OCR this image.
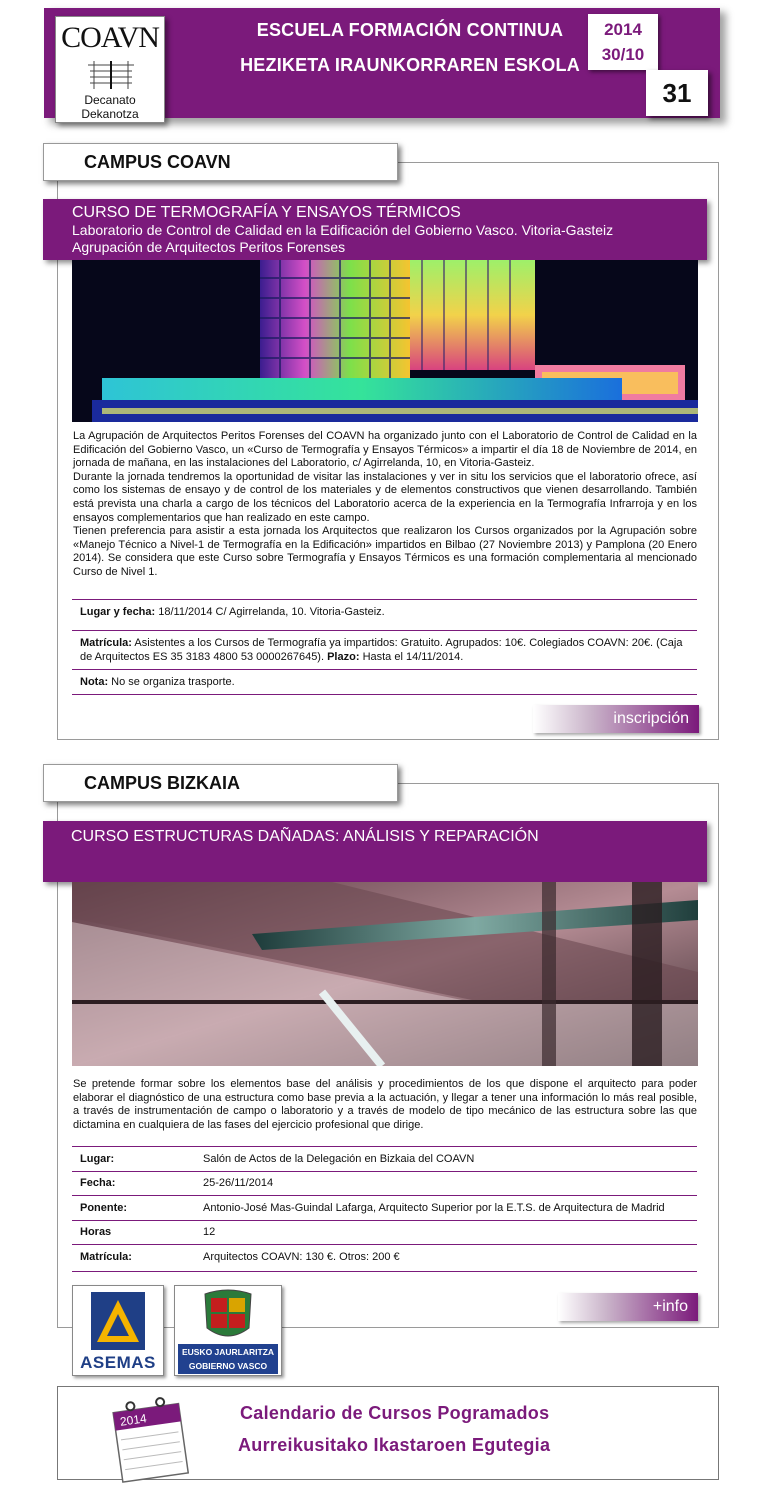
COAVN
Decanato
Dekanotza
ESCUELA FORMACIÓN CONTINUA
HEZIKETA IRAUNKORRAREN ESKOLA
2014
30/10
31
CAMPUS COAVN
CURSO DE TERMOGRAFÍA Y ENSAYOS TÉRMICOS
Laboratorio de Control de Calidad en la Edificación del Gobierno Vasco. Vitoria-Gasteiz
Agrupación de Arquitectos Peritos Forenses

La Agrupación de Arquitectos Peritos Forenses del COAVN ha organizado junto con el Laboratorio de Control de Calidad en la Edificación del Gobierno Vasco, un «Curso de Termografía y Ensayos Térmicos» a impartir el día 18 de Noviembre de 2014, en jornada de mañana, en las instalaciones del Laboratorio, c/ Agirrelanda, 10, en Vitoria-Gasteiz.

Durante la jornada tendremos la oportunidad de visitar las instalaciones y ver in situ los servicios que el laboratorio ofrece, así como los sistemas de ensayo y de control de los materiales y de elementos constructivos que vienen desarrollando. También está prevista una charla a cargo de los técnicos del Laboratorio acerca de la experiencia en la Termografía Infrarroja y en los ensayos complementarios que han realizado en este campo.

Tienen preferencia para asistir a esta jornada los Arquitectos que realizaron los Cursos organizados por la Agrupación sobre «Manejo Técnico a Nivel-1 de Termografía en la Edificación» impartidos en Bilbao (27 Noviembre 2013) y Pamplona (20 Enero 2014). Se considera que este Curso sobre Termografía y Ensayos Térmicos es una formación complementaria al mencionado Curso de Nivel 1.

Lugar y fecha: 18/11/2014 C/ Agirrelanda, 10. Vitoria-Gasteiz.
Matrícula: Asistentes a los Cursos de Termografía ya impartidos: Gratuito. Agrupados: 10€. Colegiados COAVN: 20€. (Caja de Arquitectos ES 35 3183 4800 53 0000267645). Plazo: Hasta el 14/11/2014.
Nota: No se organiza trasporte.
inscripción
CAMPUS BIZKAIA
CURSO ESTRUCTURAS DAÑADAS: ANÁLISIS Y REPARACIÓN
Se pretende formar sobre los elementos base del análisis y procedimientos de los que dispone el arquitecto para poder elaborar el diagnóstico de una estructura como base previa a la actuación, y llegar a tener una información lo más real posible, a través de instrumentación de campo o laboratorio y a través de modelo de tipo mecánico de las estructura sobre las que dictamina en cualquiera de las fases del ejercicio profesional que dirige.
Lugar:	Salón de Actos de la Delegación en Bizkaia del COAVN
Fecha:	25-26/11/2014
Ponente:	Antonio-José Mas-Guindal Lafarga, Arquitecto Superior por la E.T.S. de Arquitectura de Madrid
Horas	12
Matrícula:	Arquitectos COAVN: 130 €. Otros: 200 €
ASEMAS
EUSKO JAURLARITZA
GOBIERNO VASCO
+info
2014	Calendario de Cursos Pogramados
Aurreikusitako Ikastaroen Egutegia
